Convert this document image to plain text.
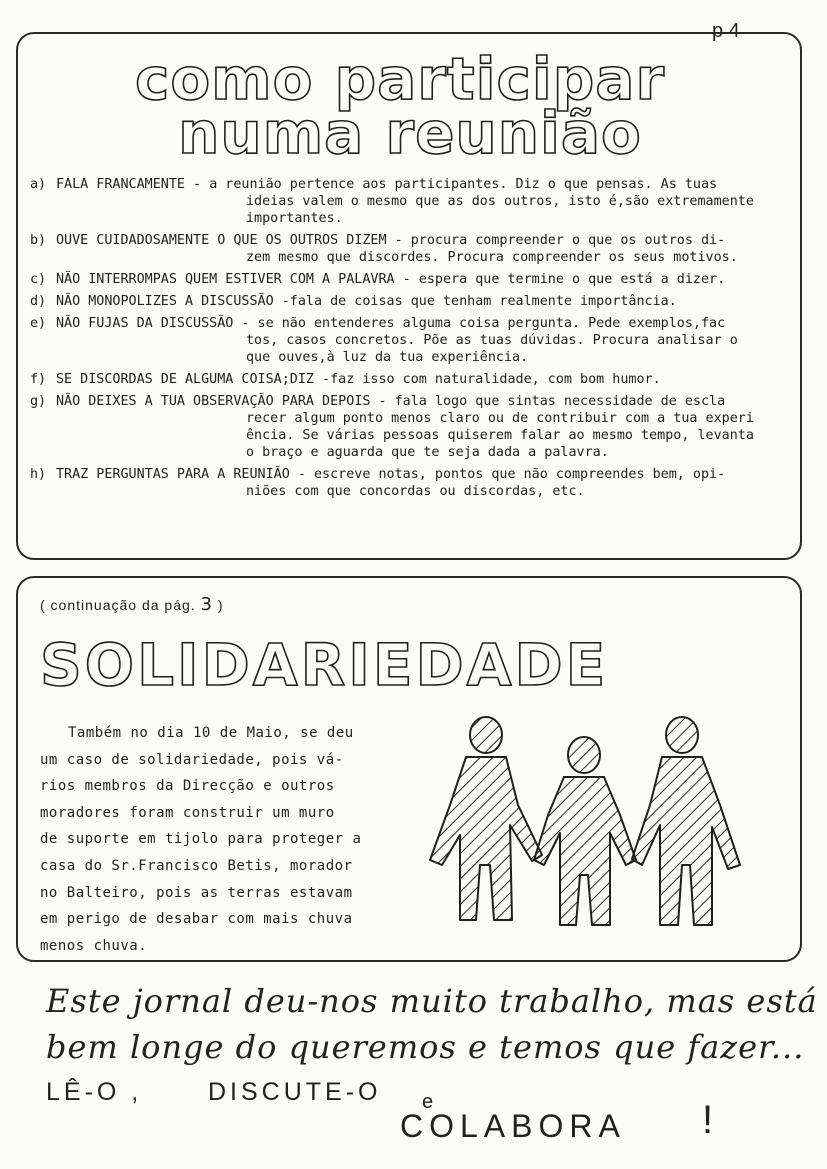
p 4
como participar
numa reunião
a) FALA FRANCAMENTE - a reunião pertence aos participantes. Diz o que pensas. As tuas
ideias valem o mesmo que as dos outros, isto é,são extremamente
importantes.
b) OUVE CUIDADOSAMENTE O QUE OS OUTROS DIZEM - procura compreender o que os outros di-
zem mesmo que discordes. Procura compreender os seus motivos.
c) NÃO INTERROMPAS QUEM ESTIVER COM A PALAVRA - espera que termine o que está a dizer.
d) NÃO MONOPOLIZES A DISCUSSÃO -fala de coisas que tenham realmente importância.
e) NÃO FUJAS DA DISCUSSÃO - se não entenderes alguma coisa pergunta. Pede exemplos,fac
tos, casos concretos. Põe as tuas dúvidas. Procura analisar o
que ouves,à luz da tua experiência.
f) SE DISCORDAS DE ALGUMA COISA;DIZ -faz isso com naturalidade, com bom humor.
g) NÃO DEIXES A TUA OBSERVAÇÃO PARA DEPOIS - fala logo que sintas necessidade de escla
recer algum ponto menos claro ou de contribuir com a tua experi
ência. Se várias pessoas quiserem falar ao mesmo tempo, levanta
o braço e aguarda que te seja dada a palavra.
h) TRAZ PERGUNTAS PARA A REUNIÃO - escreve notas, pontos que não compreendes bem, opi-
niões com que concordas ou discordas, etc.
( continuação da pág. 3 )
SOLIDARIEDADE
Também no dia 10 de Maio, se deu
um caso de solidariedade, pois vá-
rios membros da Direcção e outros
moradores foram construir um muro
de suporte em tijolo para proteger a
casa do Sr.Francisco Betis, morador
no Balteiro, pois as terras estavam
em perigo de desabar com mais chuva
menos chuva.
Este jornal deu-nos muito trabalho, mas está
bem longe do queremos e temos que fazer...
LÊ-O ,	DISCUTE-O e
COLABORA !
